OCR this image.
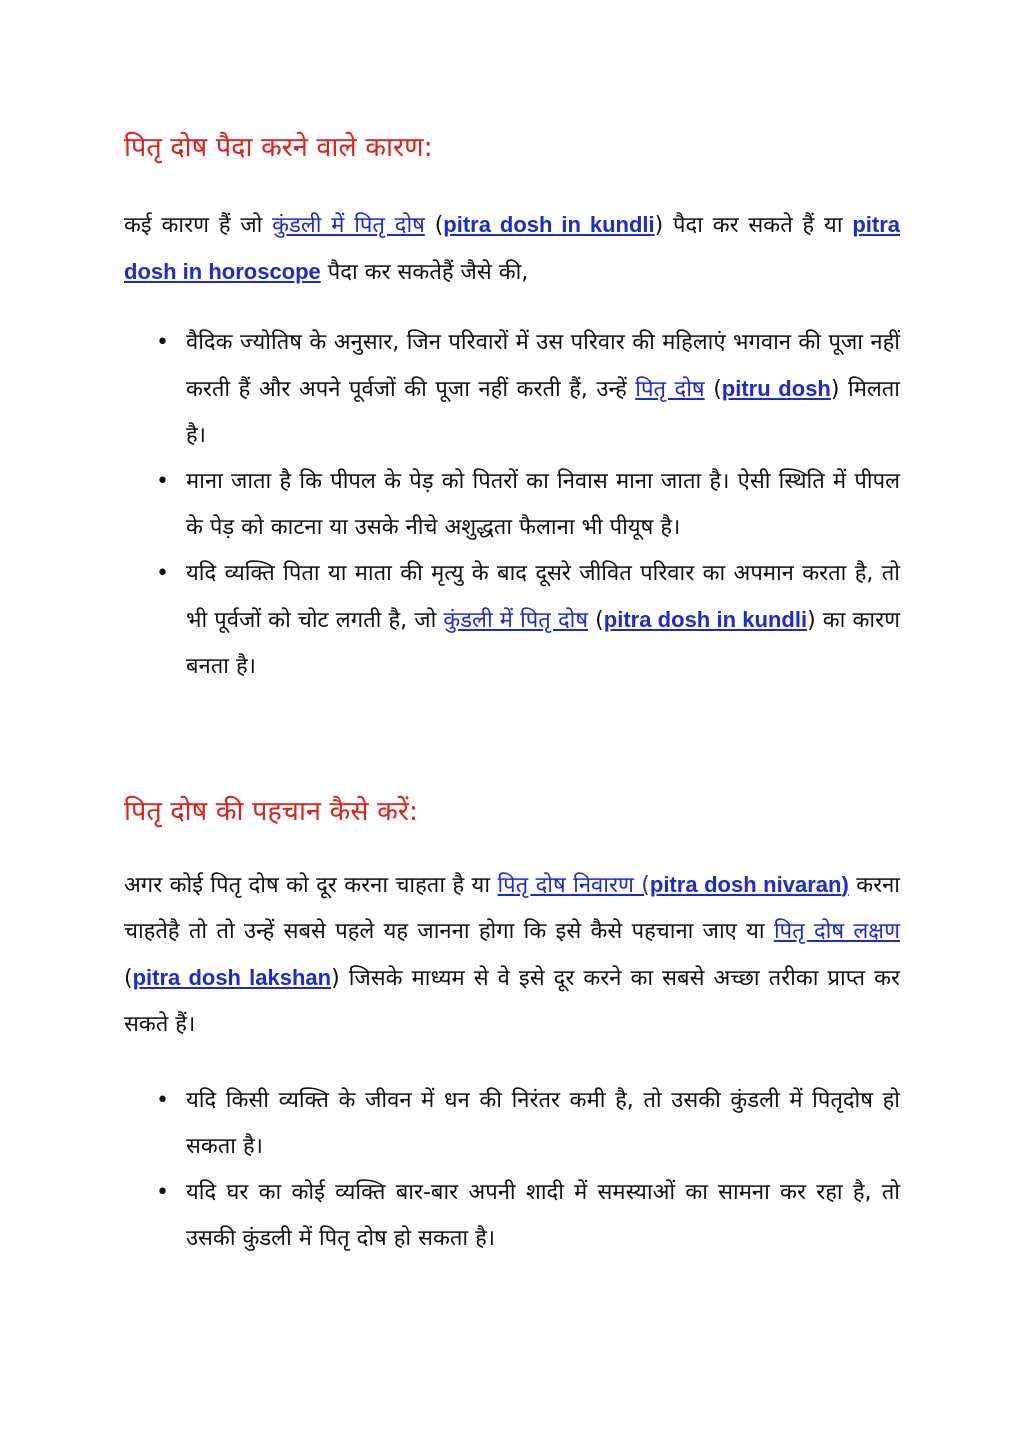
पितृ दोष पैदा करने वाले कारण:

कई कारण हैं जो कुंडली में पितृ दोष (pitra dosh in kundli) पैदा कर सकते हैं या pitra dosh in horoscope पैदा कर सकतेहैं जैसे की,

• वैदिक ज्योतिष के अनुसार, जिन परिवारों में उस परिवार की महिलाएं भगवान की पूजा नहीं करती हैं और अपने पूर्वजों की पूजा नहीं करती हैं, उन्हें पितृ दोष (pitru dosh) मिलता है।
• माना जाता है कि पीपल के पेड़ को पितरों का निवास माना जाता है। ऐसी स्थिति में पीपल के पेड़ को काटना या उसके नीचे अशुद्धता फैलाना भी पीयूष है।
• यदि व्यक्ति पिता या माता की मृत्यु के बाद दूसरे जीवित परिवार का अपमान करता है, तो भी पूर्वजों को चोट लगती है, जो कुंडली में पितृ दोष (pitra dosh in kundli) का कारण बनता है।
पितृ दोष की पहचान कैसे करें:

अगर कोई पितृ दोष को दूर करना चाहता है या पितृ दोष निवारण (pitra dosh nivaran) करना चाहतेहै तो तो उन्हें सबसे पहले यह जानना होगा कि इसे कैसे पहचाना जाए या पितृ दोष लक्षण (pitra dosh lakshan) जिसके माध्यम से वे इसे दूर करने का सबसे अच्छा तरीका प्राप्त कर सकते हैं।

• यदि किसी व्यक्ति के जीवन में धन की निरंतर कमी है, तो उसकी कुंडली में पितृदोष हो सकता है।
• यदि घर का कोई व्यक्ति बार-बार अपनी शादी में समस्याओं का सामना कर रहा है, तो उसकी कुंडली में पितृ दोष हो सकता है।
